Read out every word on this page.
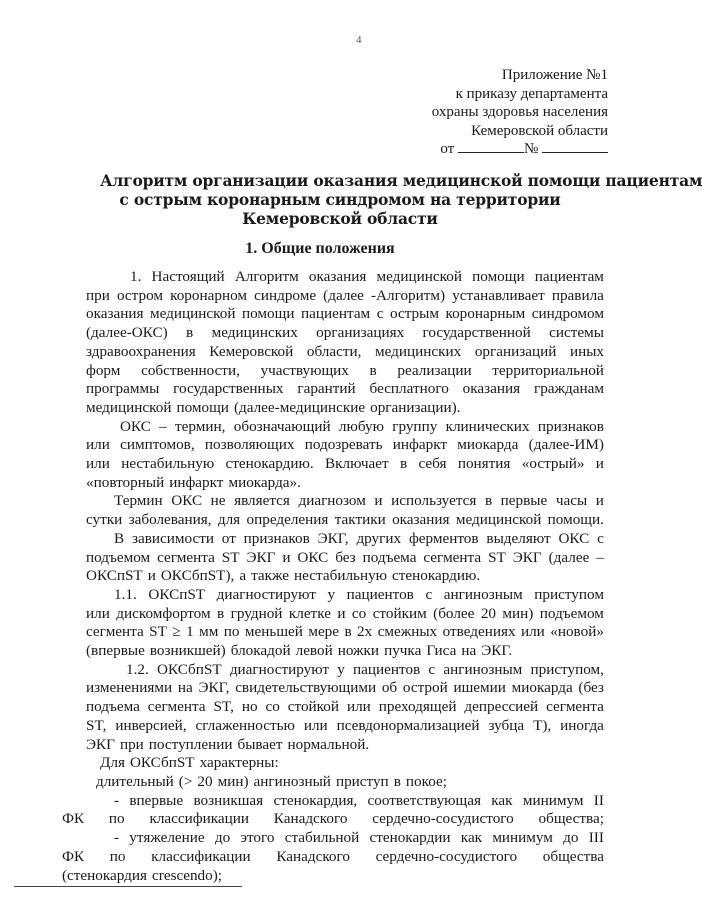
4
Приложение №1
к приказу департамента
охраны здоровья населения
Кемеровской области
от	№
Алгоритм организации оказания медицинской помощи пациентам
с острым коронарным синдромом на территории
Кемеровской области
1. Общие положения
1. Настоящий Алгоритм оказания медицинской помощи пациентам
при остром коронарном синдроме (далее -Алгоритм) устанавливает правила
оказания медицинской помощи пациентам с острым коронарным синдромом
(далее-ОКС) в медицинских организациях государственной системы
здравоохранения Кемеровской области, медицинских организаций иных
форм собственности, участвующих в реализации территориальной
программы государственных гарантий бесплатного оказания гражданам
медицинской помощи (далее-медицинские организации).
ОКС – термин, обозначающий любую группу клинических признаков
или симптомов, позволяющих подозревать инфаркт миокарда (далее-ИМ)
или нестабильную стенокардию. Включает в себя понятия «острый» и
«повторный инфаркт миокарда».
Термин ОКС не является диагнозом и используется в первые часы и
сутки заболевания, для определения тактики оказания медицинской помощи.
В зависимости от признаков ЭКГ, других ферментов выделяют ОКС с
подъемом сегмента ST ЭКГ и ОКС без подъема сегмента ST ЭКГ (далее –
ОКСпST и ОКСбпST), а также нестабильную стенокардию.
1.1. ОКСпST диагностируют у пациентов с ангинозным приступом
или дискомфортом в грудной клетке и со стойким (более 20 мин) подъемом
сегмента ST ≥ 1 мм по меньшей мере в 2х смежных отведениях или «новой»
(впервые возникшей) блокадой левой ножки пучка Гиса на ЭКГ.
1.2. ОКСбпST диагностируют у пациентов с ангинозным приступом,
изменениями на ЭКГ, свидетельствующими об острой ишемии миокарда (без
подъема сегмента ST, но со стойкой или преходящей депрессией сегмента
ST, инверсией, сглаженностью или псевдонормализацией зубца Т), иногда
ЭКГ при поступлении бывает нормальной.
Для ОКСбпST характерны:
длительный (> 20 мин) ангинозный приступ в покое;
- впервые возникшая стенокардия, соответствующая как минимум II
ФК по классификации Канадского сердечно-сосудистого общества;
- утяжеление до этого стабильной стенокардии как минимум до III
ФК по классификации Канадского сердечно-сосудистого общества
(стенокардия crescendo);
